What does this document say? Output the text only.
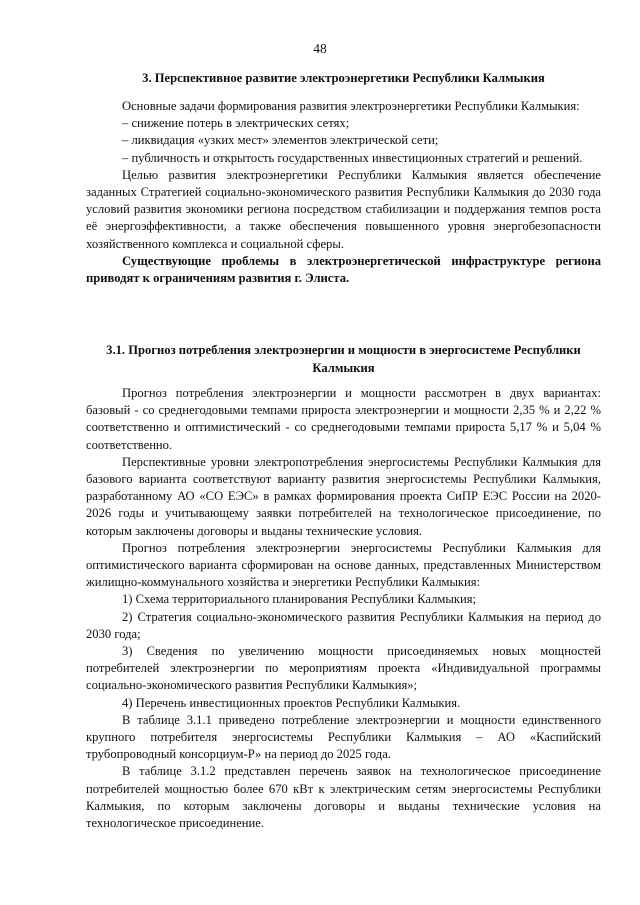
48
3. Перспективное развитие электроэнергетики Республики Калмыкия

Основные задачи формирования развития электроэнергетики Республики Калмыкия:

– снижение потерь в электрических сетях;

– ликвидация «узких мест» элементов электрической сети;

– публичность и открытость государственных инвестиционных стратегий и решений.

Целью развития электроэнергетики Республики Калмыкия является обеспечение заданных Стратегией социально-экономического развития Республики Калмыкия до 2030 года условий развития экономики региона посредством стабилизации и поддержания темпов роста её энергоэффективности, а также обеспечения повышенного уровня энергобезопасности хозяйственного комплекса и социальной сферы.

Существующие проблемы в электроэнергетической инфраструктуре региона приводят к ограничениям развития г. Элиста.

3.1. Прогноз потребления электроэнергии и мощности в энергосистеме Республики Калмыкия

Прогноз потребления электроэнергии и мощности рассмотрен в двух вариантах: базовый - со среднегодовыми темпами прироста электроэнергии и мощности 2,35 % и 2,22 % соответственно и оптимистический - со среднегодовыми темпами прироста 5,17 % и 5,04 % соответственно.

Перспективные уровни электропотребления энергосистемы Республики Калмыкия для базового варианта соответствуют варианту развития энергосистемы Республики Калмыкия, разработанному АО «СО ЕЭС» в рамках формирования проекта СиПР ЕЭС России на 2020-2026 годы и учитывающему заявки потребителей на технологическое присоединение, по которым заключены договоры и выданы технические условия.

Прогноз потребления электроэнергии энергосистемы Республики Калмыкия для оптимистического варианта сформирован на основе данных, представленных Министерством жилищно-коммунального хозяйства и энергетики Республики Калмыкия:

1) Схема территориального планирования Республики Калмыкия;

2) Стратегия социально-экономического развития Республики Калмыкия на период до 2030 года;

3) Сведения по увеличению мощности присоединяемых новых мощностей потребителей электроэнергии по мероприятиям проекта «Индивидуальной программы социально-экономического развития Республики Калмыкия»;

4) Перечень инвестиционных проектов Республики Калмыкия.

В таблице 3.1.1 приведено потребление электроэнергии и мощности единственного крупного потребителя энергосистемы Республики Калмыкия – АО «Каспийский трубопроводный консорциум-Р» на период до 2025 года.

В таблице 3.1.2 представлен перечень заявок на технологическое присоединение потребителей мощностью более 670 кВт к электрическим сетям энергосистемы Республики Калмыкия, по которым заключены договоры и выданы технические условия на технологическое присоединение.
